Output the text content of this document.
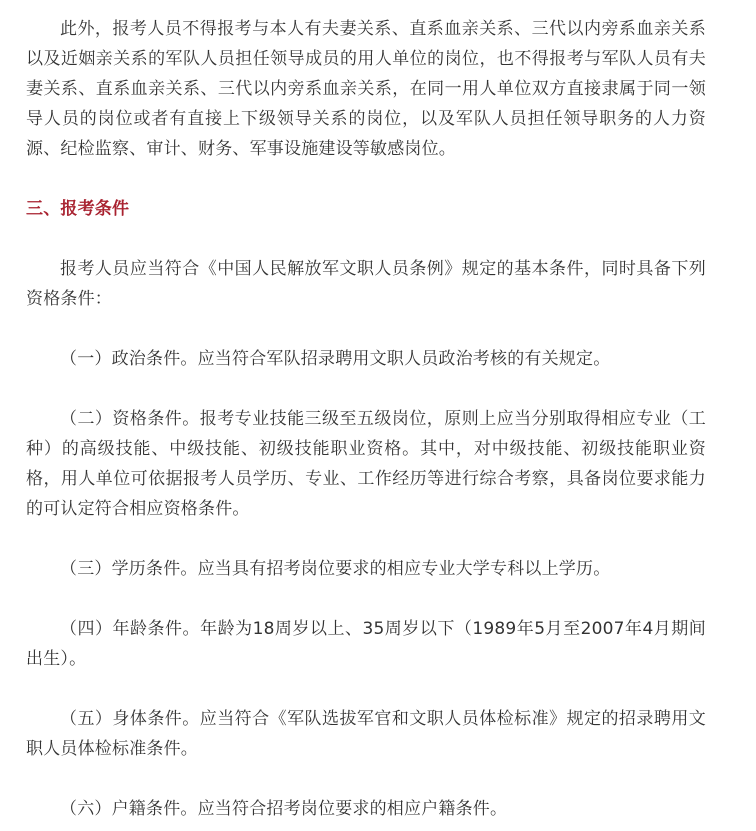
此外，报考人员不得报考与本人有夫妻关系、直系血亲关系、三代以内旁系血亲关系以及近姻亲关系的军队人员担任领导成员的用人单位的岗位，也不得报考与军队人员有夫妻关系、直系血亲关系、三代以内旁系血亲关系，在同一用人单位双方直接隶属于同一领导人员的岗位或者有直接上下级领导关系的岗位，以及军队人员担任领导职务的人力资源、纪检监察、审计、财务、军事设施建设等敏感岗位。

三、报考条件

报考人员应当符合《中国人民解放军文职人员条例》规定的基本条件，同时具备下列资格条件：

（一）政治条件。应当符合军队招录聘用文职人员政治考核的有关规定。

（二）资格条件。报考专业技能三级至五级岗位，原则上应当分别取得相应专业（工种）的高级技能、中级技能、初级技能职业资格。其中，对中级技能、初级技能职业资格，用人单位可依据报考人员学历、专业、工作经历等进行综合考察，具备岗位要求能力的可认定符合相应资格条件。

（三）学历条件。应当具有招考岗位要求的相应专业大学专科以上学历。

（四）年龄条件。年龄为18周岁以上、35周岁以下（1989年5月至2007年4月期间出生）。

（五）身体条件。应当符合《军队选拔军官和文职人员体检标准》规定的招录聘用文职人员体检标准条件。

（六）户籍条件。应当符合招考岗位要求的相应户籍条件。
